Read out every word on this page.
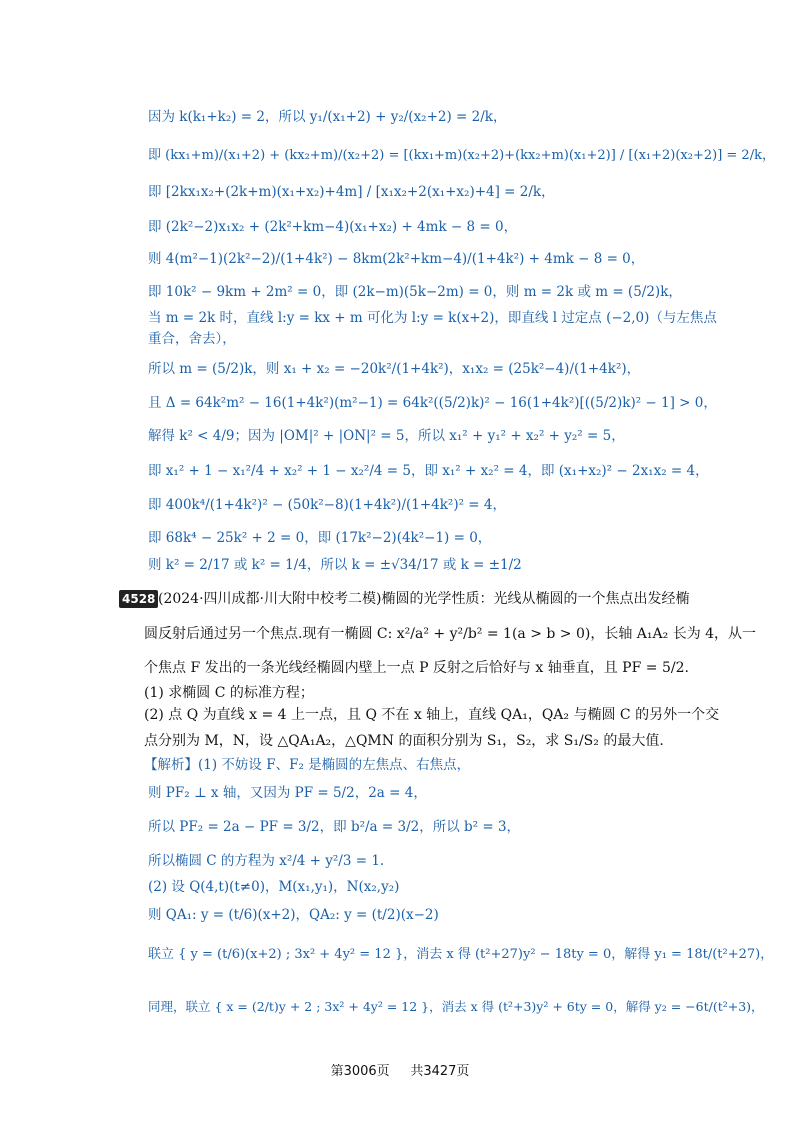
因为 k(k₁+k₂) = 2，所以 y₁/(x₁+2) + y₂/(x₂+2) = 2/k，
即 (kx₁+m)/(x₁+2) + (kx₂+m)/(x₂+2) = [(kx₁+m)(x₂+2)+(kx₂+m)(x₁+2)] / [(x₁+2)(x₂+2)] = 2/k，
即 [2kx₁x₂+(2k+m)(x₁+x₂)+4m] / [x₁x₂+2(x₁+x₂)+4] = 2/k，
即 (2k²−2)x₁x₂ + (2k²+km−4)(x₁+x₂) + 4mk − 8 = 0，
则 4(m²−1)(2k²−2)/(1+4k²) − 8km(2k²+km−4)/(1+4k²) + 4mk − 8 = 0，
即 10k² − 9km + 2m² = 0，即 (2k−m)(5k−2m) = 0，则 m = 2k 或 m = (5/2)k，
当 m = 2k 时，直线 l:y = kx + m 可化为 l:y = k(x+2)，即直线 l 过定点 (−2,0)（与左焦点
重合，舍去），
所以 m = (5/2)k，则 x₁ + x₂ = −20k²/(1+4k²)，x₁x₂ = (25k²−4)/(1+4k²)，
且 Δ = 64k²m² − 16(1+4k²)(m²−1) = 64k²((5/2)k)² − 16(1+4k²)[((5/2)k)² − 1] > 0，
解得 k² < 4/9；因为 |OM|² + |ON|² = 5，所以 x₁² + y₁² + x₂² + y₂² = 5，
即 x₁² + 1 − x₁²/4 + x₂² + 1 − x₂²/4 = 5，即 x₁² + x₂² = 4，即 (x₁+x₂)² − 2x₁x₂ = 4，
即 400k⁴/(1+4k²)² − (50k²−8)(1+4k²)/(1+4k²)² = 4，
即 68k⁴ − 25k² + 2 = 0，即 (17k²−2)(4k²−1) = 0，
则 k² = 2/17 或 k² = 1/4，所以 k = ±√34/17 或 k = ±1/2
4528 (2024·四川成都·川大附中校考二模)椭圆的光学性质：光线从椭圆的一个焦点出发经椭
圆反射后通过另一个焦点.现有一椭圆 C: x²/a² + y²/b² = 1(a > b > 0)，长轴 A₁A₂ 长为 4，从一
个焦点 F 发出的一条光线经椭圆内壁上一点 P 反射之后恰好与 x 轴垂直，且 PF = 5/2.
(1) 求椭圆 C 的标准方程；
(2) 点 Q 为直线 x = 4 上一点，且 Q 不在 x 轴上，直线 QA₁，QA₂ 与椭圆 C 的另外一个交
点分别为 M，N，设 △QA₁A₂，△QMN 的面积分别为 S₁，S₂，求 S₁/S₂ 的最大值.
【解析】(1) 不妨设 F、F₂ 是椭圆的左焦点、右焦点，
则 PF₂ ⊥ x 轴，又因为 PF = 5/2，2a = 4，
所以 PF₂ = 2a − PF = 3/2，即 b²/a = 3/2，所以 b² = 3，
所以椭圆 C 的方程为 x²/4 + y²/3 = 1.
(2) 设 Q(4,t)(t≠0)，M(x₁,y₁)，N(x₂,y₂)
则 QA₁: y = (t/6)(x+2)，QA₂: y = (t/2)(x−2)
联立 { y = (t/6)(x+2) ; 3x² + 4y² = 12 }，消去 x 得 (t²+27)y² − 18ty = 0，解得 y₁ = 18t/(t²+27)，
同理，联立 { x = (2/t)y + 2 ; 3x² + 4y² = 12 }，消去 x 得 (t²+3)y² + 6ty = 0，解得 y₂ = −6t/(t²+3)，
第3006页 共3427页
